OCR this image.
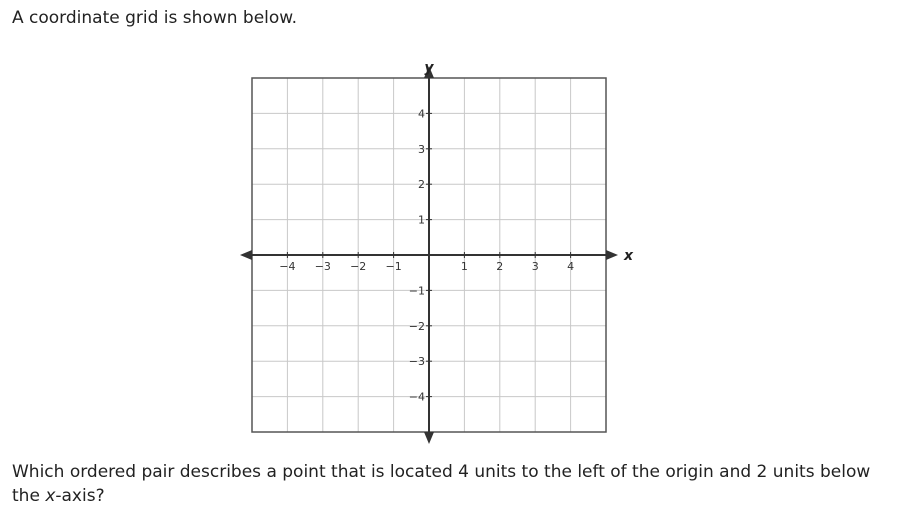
A coordinate grid is shown below.
−4 −3 −2 −1	1	2	3	4
4
3
2
1
−1
−2
−3
−4
x
y
Which ordered pair describes a point that is located 4 units to the left of the origin and 2 units below the x-axis?
